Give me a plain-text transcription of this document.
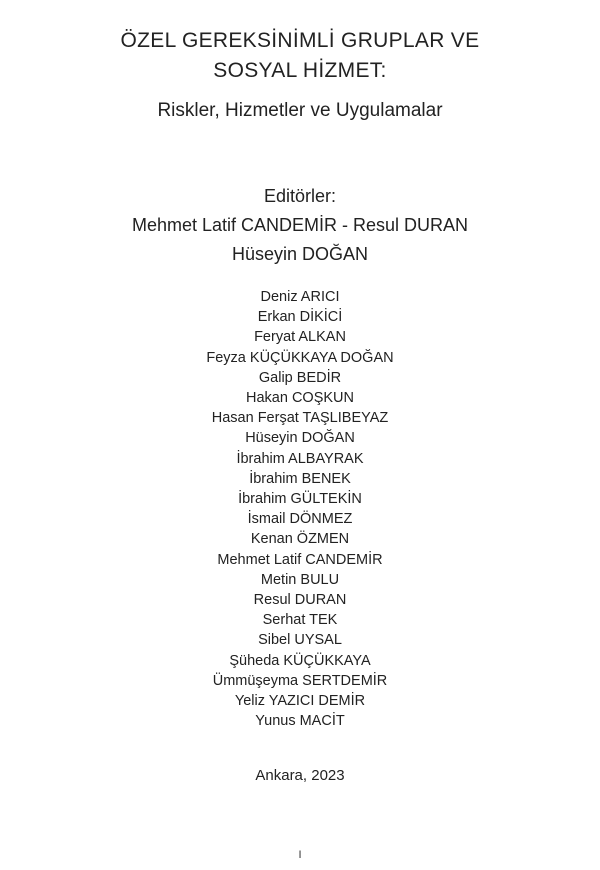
ÖZEL GEREKSİNİMLİ GRUPLAR VE
SOSYAL HİZMET:
Riskler, Hizmetler ve Uygulamalar
Editörler:
Mehmet Latif CANDEMİR - Resul DURAN
Hüseyin DOĞAN
Deniz ARICI
Erkan DİKİCİ
Feryat ALKAN
Feyza KÜÇÜKKAYA DOĞAN
Galip BEDİR
Hakan COŞKUN
Hasan Ferşat TAŞLIBEYAZ
Hüseyin DOĞAN
İbrahim ALBAYRAK
İbrahim BENEK
İbrahim GÜLTEKİN
İsmail DÖNMEZ
Kenan ÖZMEN
Mehmet Latif CANDEMİR
Metin BULU
Resul DURAN
Serhat TEK
Sibel UYSAL
Şüheda KÜÇÜKKAYA
Ümmüşeyma SERTDEMİR
Yeliz YAZICI DEMİR
Yunus MACİT
Ankara, 2023
I
